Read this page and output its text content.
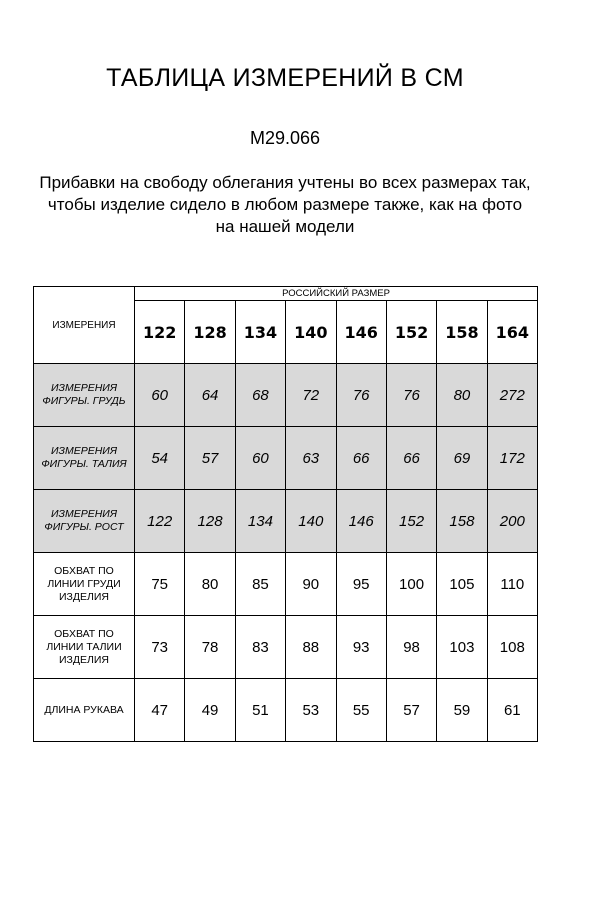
ТАБЛИЦА ИЗМЕРЕНИЙ В СМ
M29.066
Прибавки на свободу облегания учтены во всех размерах так,
чтобы изделие сидело в любом размере также, как на фото
на нашей модели
ИЗМЕРЕНИЯ	РОССИЙСКИЙ РАЗМЕР							
	122	128	134	140	146	152	158	164

ИЗМЕРЕНИЯ
ФИГУРЫ. ГРУДЬ	60	64	68	72	76	76	80	272

ИЗМЕРЕНИЯ
ФИГУРЫ. ТАЛИЯ	54	57	60	63	66	66	69	172

ИЗМЕРЕНИЯ
ФИГУРЫ. РОСТ	122	128	134	140	146	152	158	200

ОБХВАТ ПО
ЛИНИИ ГРУДИ
ИЗДЕЛИЯ	75	80	85	90	95	100	105	110

ОБХВАТ ПО
ЛИНИИ ТАЛИИ
ИЗДЕЛИЯ	73	78	83	88	93	98	103	108

ДЛИНА РУКАВА	47	49	51	53	55	57	59	61
